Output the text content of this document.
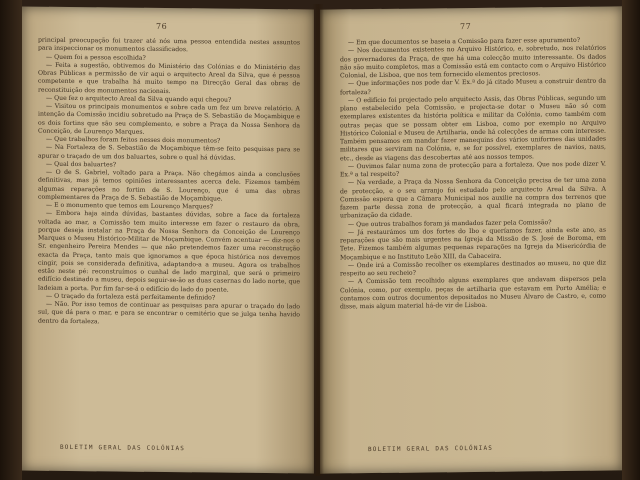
76

principal preocupação foi trazer até nós uma pessoa entendida nestes assuntos para inspeccionar os monumentos classificados.

— Quem foi a pessoa escolhida?

— Feita a sugestão, obtivemos do Ministério das Colónias e do Ministério das Obras Públicas a permissão de vir aqui o arquitecto Areal da Silva, que é pessoa competente e que trabalha há muito tempo na Direcção Geral das obras de reconstituição dos monumentos nacionais.

— Que fez o arquitecto Areal da Silva quando aqui chegou?

— Visitou os principais monumentos e sobre cada um fez um breve relatório. A intenção da Comissão incidiu sobretudo na Praça de S. Sebastião de Moçambique e os dois fortins que são seu complemento, e sobre a Praça da Nossa Senhora da Conceição, de Lourenço Marques.

— Que trabalhos foram feitos nesses dois monumentos?

— Na Fortaleza de S. Sebastião de Moçambique têm-se feito pesquisas para se apurar o traçado de um dos baluartes, sobre o qual há dúvidas.

— Qual dos baluartes?

— O de S. Gabriel, voltado para a Praça. Não chegámos ainda a conclusões definitivas, mas já temos opiniões interessantes acerca dele. Fizemos também algumas reparações no fortim de S. Lourenço, que é uma das obras complementares da Praça de S. Sebastião de Moçambique.

— E o monumento que temos em Lourenço Marques?

— Embora haja ainda dúvidas, bastantes dúvidas, sobre a face da fortaleza voltada ao mar, a Comissão tem muito interesse em fazer o restauro da obra, porque deseja instalar na Praça de Nossa Senhora da Conceição de Lourenço Marques o Museu Histórico-Militar de Moçambique. Convém acentuar — diz-nos o Sr. engenheiro Pereira Mendes — que não pretendemos fazer uma reconstrução exacta da Praça, tanto mais que ignoramos a que época histórica nos devemos cingir, pois se considerada definitiva, adaptando-a a museu. Agora os trabalhos estão neste pé: reconstruímos o cunhal de lado marginal, que será o primeiro edifício destinado a museu, depois seguir-se-ão as duas casernas do lado norte, que ladeiam a porta. Por fim far-se-á o edifício do lado do poente.

— O traçado da fortaleza está perfeitamente definido?

— Não. Por isso temos de continuar as pesquisas para apurar o traçado do lado sul, que dá para o mar, e para se encontrar o cemitério que se julga tenha havido dentro da fortaleza.

BOLETIM GERAL DAS COLÓNIAS
77

— Em que documentos se baseia a Comissão para fazer esse apuramento?

— Nos documentos existentes no Arquivo Histórico, e, sobretudo, nos relatórios dos governadores da Praça, de que há uma colecção muito interessante. Os dados não são muito completos, mas a Comissão está em contacto com o Arquivo Histórico Colonial, de Lisboa, que nos tem fornecido elementos preciosos.

— Que informações nos pode dar V. Ex.ª do já citado Museu a construir dentro da fortaleza?

— O edifício foi projectado pelo arquitecto Assis, das Obras Públicas, segundo um plano estabelecido pela Comissão, e projecta-se dotar o Museu não só com exemplares existentes da história política e militar da Colónia, como também com outras peças que se possam obter em Lisboa, como por exemplo no Arquivo Histórico Colonial e Museu de Artilharia, onde há colecções de armas com interesse. Também pensamos em mandar fazer manequins dos vários uniformes das unidades militares que serviram na Colónia, e, se for possível, exemplares de navios, naus, etc., desde as viagens das descobertas até aos nossos tempos.

— Ouvimos falar numa zona de protecção para a fortaleza. Que nos pode dizer V. Ex.ª a tal respeito?

— Na verdade, a Praça da Nossa Senhora da Conceição precisa de ter uma zona de protecção, e o seu arranjo foi estudado pelo arquitecto Areal da Silva. A Comissão espera que a Câmara Municipal nos auxilie na compra dos terrenos que fazem parte dessa zona de protecção, a qual ficará integrada no plano de urbanização da cidade.

— Que outros trabalhos foram já mandados fazer pela Comissão?

— Já restaurámos um dos fortes do Ibo e queríamos fazer, ainda este ano, as reparações que são mais urgentes na Igreja da Missão de S. José de Boroma, em Tete. Fizemos também algumas pequenas reparações na Igreja da Misericórdia de Moçambique e no Instituto Leão XIII, da Cabaceira.

— Onde irá a Comissão recolher os exemplares destinados ao museu, no que diz respeito ao seu recheio?

— A Comissão tem recolhido alguns exemplares que andavam dispersos pela Colónia, como, por exemplo, peças de artilharia que estavam em Porto Amélia; e contamos com outros documentos depositados no Museu Álvaro de Castro, e, como disse, mais algum material há-de vir de Lisboa.

BOLETIM GERAL DAS COLÓNIAS
